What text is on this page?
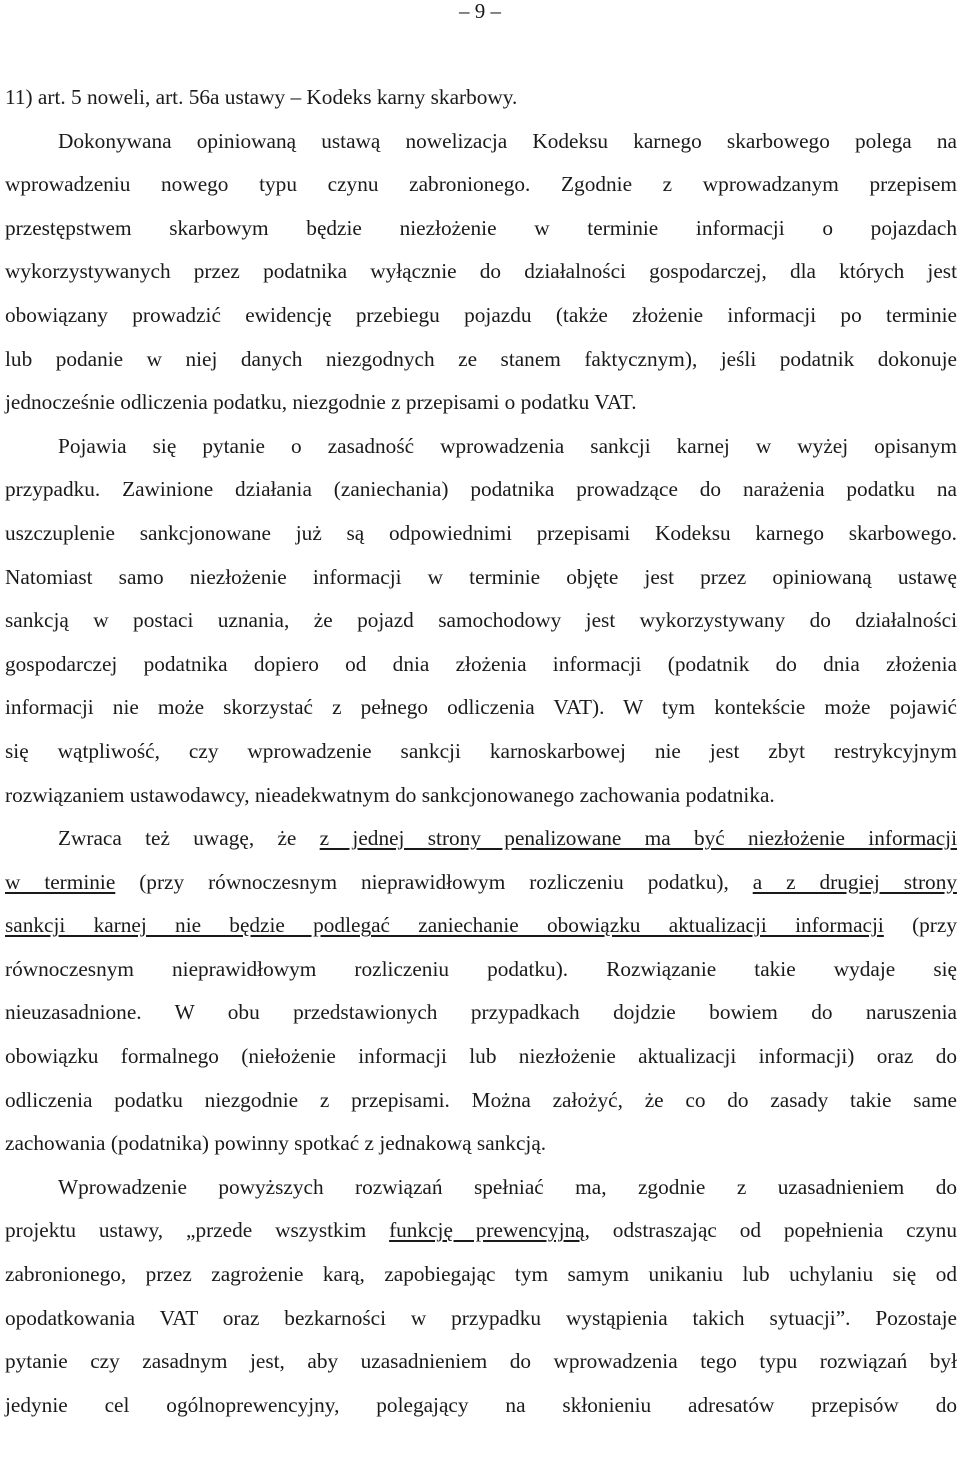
– 9 –
11) art. 5 noweli, art. 56a ustawy – Kodeks karny skarbowy.
Dokonywana opiniowaną ustawą nowelizacja Kodeksu karnego skarbowego polega na
wprowadzeniu nowego typu czynu zabronionego. Zgodnie z wprowadzanym przepisem
przestępstwem skarbowym będzie niezłożenie w terminie informacji o pojazdach
wykorzystywanych przez podatnika wyłącznie do działalności gospodarczej, dla których jest
obowiązany prowadzić ewidencję przebiegu pojazdu (także złożenie informacji po terminie
lub podanie w niej danych niezgodnych ze stanem faktycznym), jeśli podatnik dokonuje
jednocześnie odliczenia podatku, niezgodnie z przepisami o podatku VAT.
Pojawia się pytanie o zasadność wprowadzenia sankcji karnej w wyżej opisanym
przypadku. Zawinione działania (zaniechania) podatnika prowadzące do narażenia podatku na
uszczuplenie sankcjonowane już są odpowiednimi przepisami Kodeksu karnego skarbowego.
Natomiast samo niezłożenie informacji w terminie objęte jest przez opiniowaną ustawę
sankcją w postaci uznania, że pojazd samochodowy jest wykorzystywany do działalności
gospodarczej podatnika dopiero od dnia złożenia informacji (podatnik do dnia złożenia
informacji nie może skorzystać z pełnego odliczenia VAT). W tym kontekście może pojawić
się wątpliwość, czy wprowadzenie sankcji karnoskarbowej nie jest zbyt restrykcyjnym
rozwiązaniem ustawodawcy, nieadekwatnym do sankcjonowanego zachowania podatnika.
Zwraca też uwagę, że z jednej strony penalizowane ma być niezłożenie informacji
w terminie (przy równoczesnym nieprawidłowym rozliczeniu podatku), a z drugiej strony
sankcji karnej nie będzie podlegać zaniechanie obowiązku aktualizacji informacji (przy
równoczesnym nieprawidłowym rozliczeniu podatku). Rozwiązanie takie wydaje się
nieuzasadnione. W obu przedstawionych przypadkach dojdzie bowiem do naruszenia
obowiązku formalnego (niełożenie informacji lub niezłożenie aktualizacji informacji) oraz do
odliczenia podatku niezgodnie z przepisami. Można założyć, że co do zasady takie same
zachowania (podatnika) powinny spotkać z jednakową sankcją.
Wprowadzenie powyższych rozwiązań spełniać ma, zgodnie z uzasadnieniem do
projektu ustawy, „przede wszystkim funkcję prewencyjną, odstraszając od popełnienia czynu
zabronionego, przez zagrożenie karą, zapobiegając tym samym unikaniu lub uchylaniu się od
opodatkowania VAT oraz bezkarności w przypadku wystąpienia takich sytuacji”. Pozostaje
pytanie czy zasadnym jest, aby uzasadnieniem do wprowadzenia tego typu rozwiązań był
jedynie cel ogólnoprewencyjny, polegający na skłonieniu adresatów przepisów do
